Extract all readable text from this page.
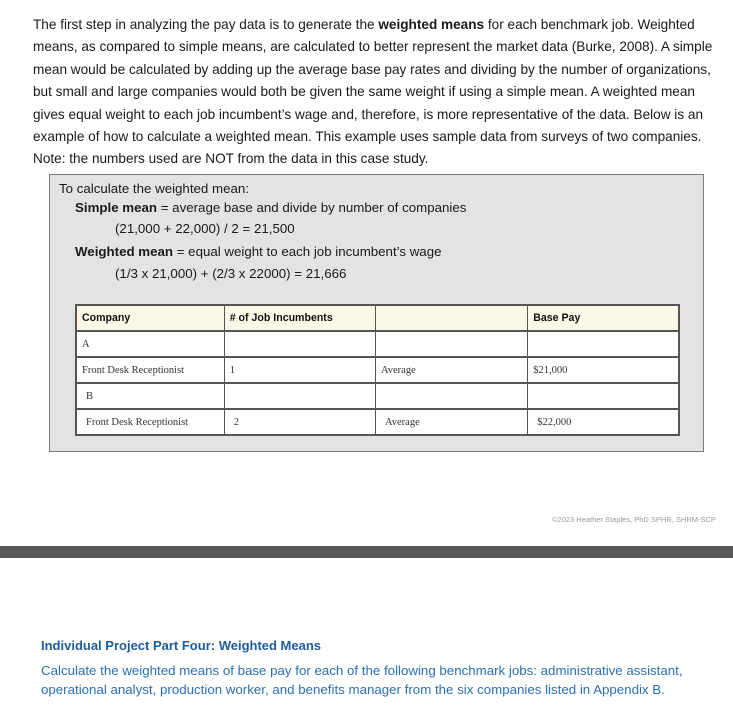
The first step in analyzing the pay data is to generate the weighted means for each benchmark job. Weighted means, as compared to simple means, are calculated to better represent the market data (Burke, 2008). A simple mean would be calculated by adding up the average base pay rates and dividing by the number of organizations, but small and large companies would both be given the same weight if using a simple mean. A weighted mean gives equal weight to each job incumbent’s wage and, therefore, is more representative of the data. Below is an example of how to calculate a weighted mean. This example uses sample data from surveys of two companies. Note: the numbers used are NOT from the data in this case study.
To calculate the weighted mean:
Simple mean = average base and divide by number of companies
(21,000 + 22,000) / 2 = 21,500
Weighted mean = equal weight to each job incumbent’s wage
(1/3 x 21,000) + (2/3 x 22000) = 21,666
Company	# of Job Incumbents		Base Pay
A			
Front Desk Receptionist	1	Average	$21,000
B			
Front Desk Receptionist	2	Average	$22,000
©2023 Heather Staples, PhD SPHR, SHRM-SCP
Individual Project Part Four: Weighted Means
Calculate the weighted means of base pay for each of the following benchmark jobs: administrative assistant, operational analyst, production worker, and benefits manager from the six companies listed in Appendix B.
